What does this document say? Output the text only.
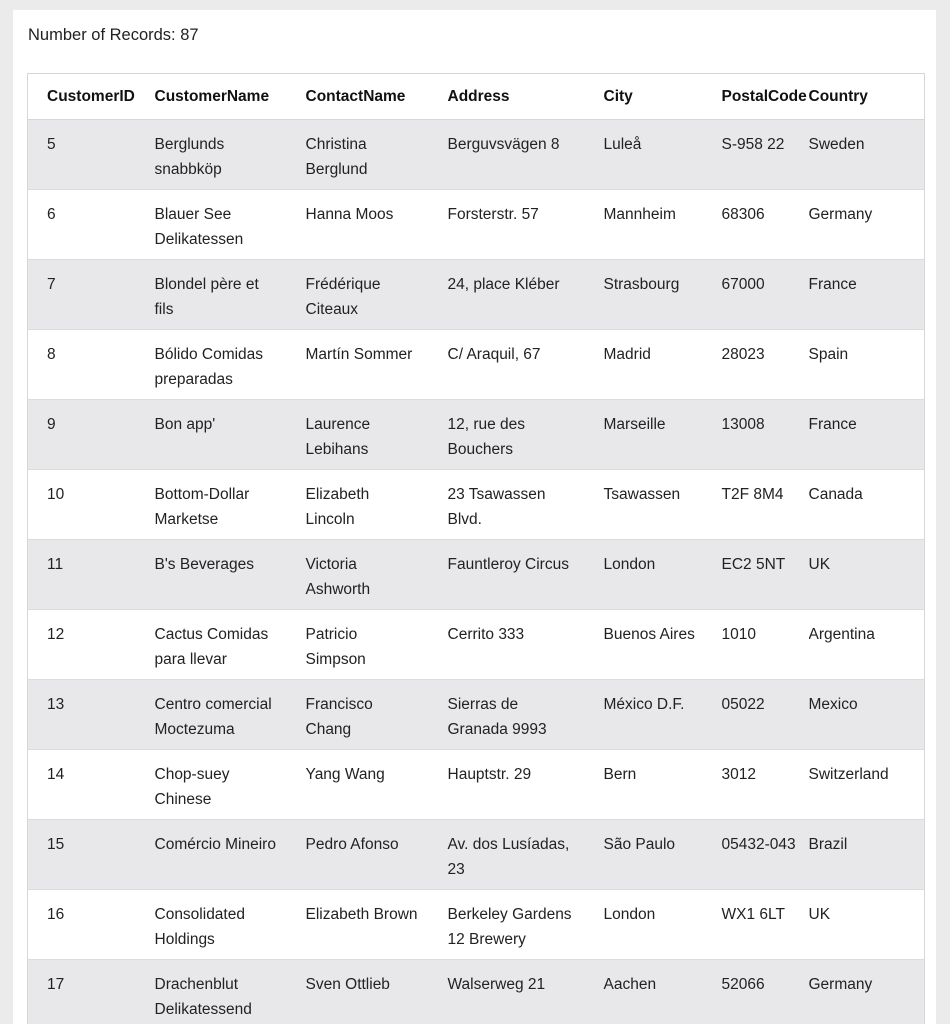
Number of Records: 87
CustomerID	CustomerName	ContactName	Address	City	PostalCode	Country
5	Berglunds snabbköp	Christina Berglund	Berguvsvägen 8	Luleå	S-958 22	Sweden
6	Blauer See Delikatessen	Hanna Moos	Forsterstr. 57	Mannheim	68306	Germany
7	Blondel père et fils	Frédérique Citeaux	24, place Kléber	Strasbourg	67000	France
8	Bólido Comidas preparadas	Martín Sommer	C/ Araquil, 67	Madrid	28023	Spain
9	Bon app'	Laurence Lebihans	12, rue des Bouchers	Marseille	13008	France
10	Bottom-Dollar Marketse	Elizabeth Lincoln	23 Tsawassen Blvd.	Tsawassen	T2F 8M4	Canada
11	B's Beverages	Victoria Ashworth	Fauntleroy Circus	London	EC2 5NT	UK
12	Cactus Comidas para llevar	Patricio Simpson	Cerrito 333	Buenos Aires	1010	Argentina
13	Centro comercial Moctezuma	Francisco Chang	Sierras de Granada 9993	México D.F.	05022	Mexico
14	Chop-suey Chinese	Yang Wang	Hauptstr. 29	Bern	3012	Switzerland
15	Comércio Mineiro	Pedro Afonso	Av. dos Lusíadas, 23	São Paulo	05432-043	Brazil
16	Consolidated Holdings	Elizabeth Brown	Berkeley Gardens 12 Brewery	London	WX1 6LT	UK
17	Drachenblut Delikatessend	Sven Ottlieb	Walserweg 21	Aachen	52066	Germany
